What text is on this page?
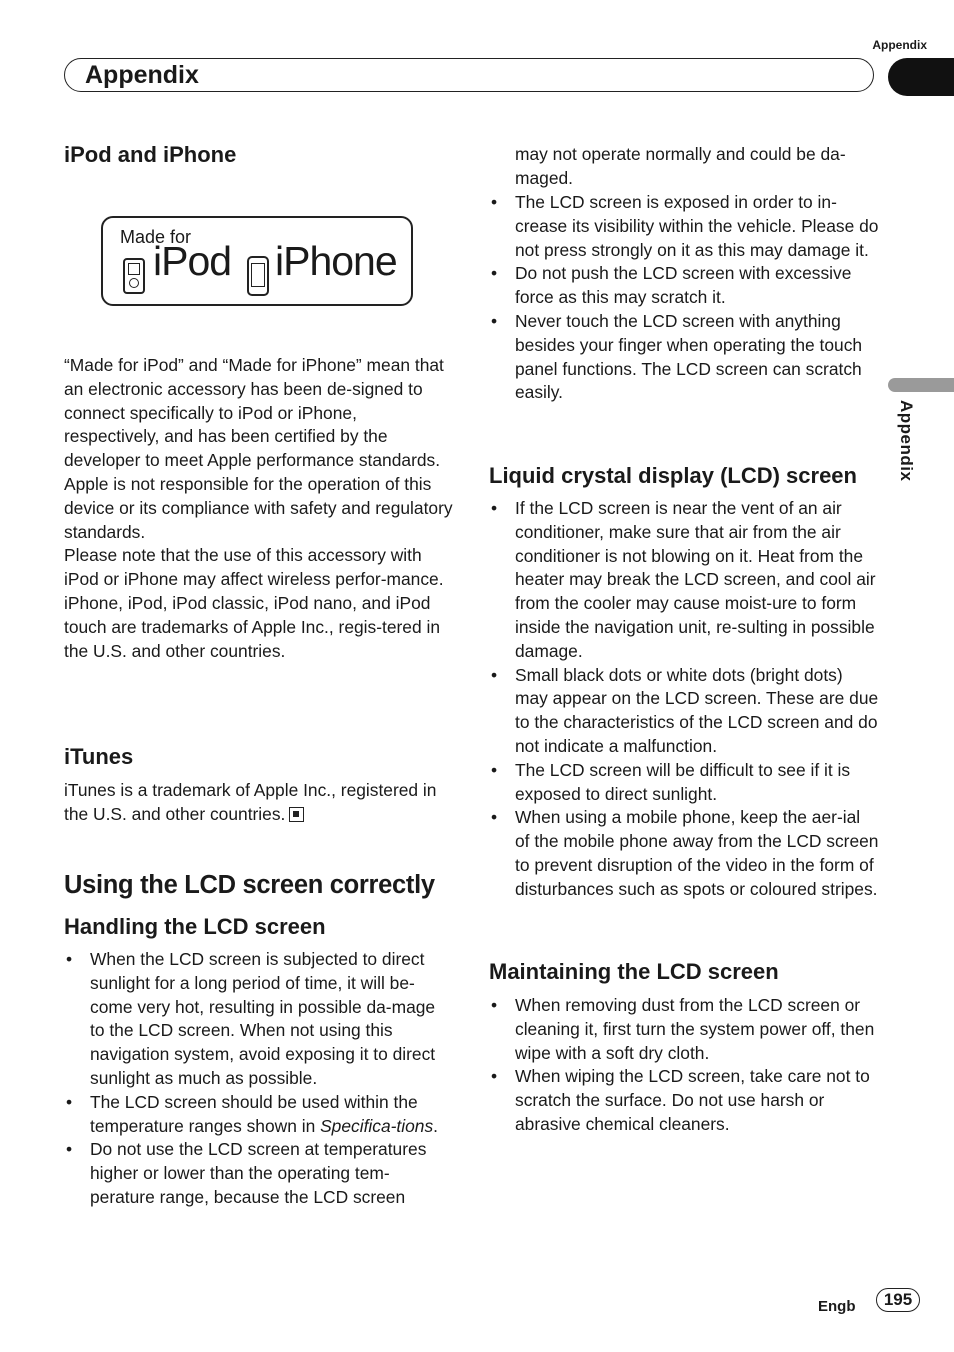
Appendix
Appendix
Appendix
iPod and iPhone
Made for
iPod iPhone

“Made for iPod” and “Made for iPhone” mean that an electronic accessory has been de-signed to connect specifically to iPod or iPhone, respectively, and has been certified by the developer to meet Apple performance standards.

Apple is not responsible for the operation of this device or its compliance with safety and regulatory standards.

Please note that the use of this accessory with iPod or iPhone may affect wireless perfor-mance.

iPhone, iPod, iPod classic, iPod nano, and iPod touch are trademarks of Apple Inc., regis-tered in the U.S. and other countries.

iTunes
iTunes is a trademark of Apple Inc., registered in the U.S. and other countries.
Using the LCD screen correctly
Handling the LCD screen
• When the LCD screen is subjected to direct sunlight for a long period of time, it will be-come very hot, resulting in possible da-mage to the LCD screen. When not using this navigation system, avoid exposing it to direct sunlight as much as possible.
• The LCD screen should be used within the temperature ranges shown in Specifica-tions.
• Do not use the LCD screen at temperatures higher or lower than the operating tem-perature range, because the LCD screen
may not operate normally and could be da-maged.
• The LCD screen is exposed in order to in-crease its visibility within the vehicle. Please do not press strongly on it as this may damage it.
• Do not push the LCD screen with excessive force as this may scratch it.
• Never touch the LCD screen with anything besides your finger when operating the touch panel functions. The LCD screen can scratch easily.
Liquid crystal display (LCD) screen
• If the LCD screen is near the vent of an air conditioner, make sure that air from the air conditioner is not blowing on it. Heat from the heater may break the LCD screen, and cool air from the cooler may cause moist-ure to form inside the navigation unit, re-sulting in possible damage.
• Small black dots or white dots (bright dots) may appear on the LCD screen. These are due to the characteristics of the LCD screen and do not indicate a malfunction.
• The LCD screen will be difficult to see if it is exposed to direct sunlight.
• When using a mobile phone, keep the aer-ial of the mobile phone away from the LCD screen to prevent disruption of the video in the form of disturbances such as spots or coloured stripes.
Maintaining the LCD screen
• When removing dust from the LCD screen or cleaning it, first turn the system power off, then wipe with a soft dry cloth.
• When wiping the LCD screen, take care not to scratch the surface. Do not use harsh or abrasive chemical cleaners.
Engb	195
